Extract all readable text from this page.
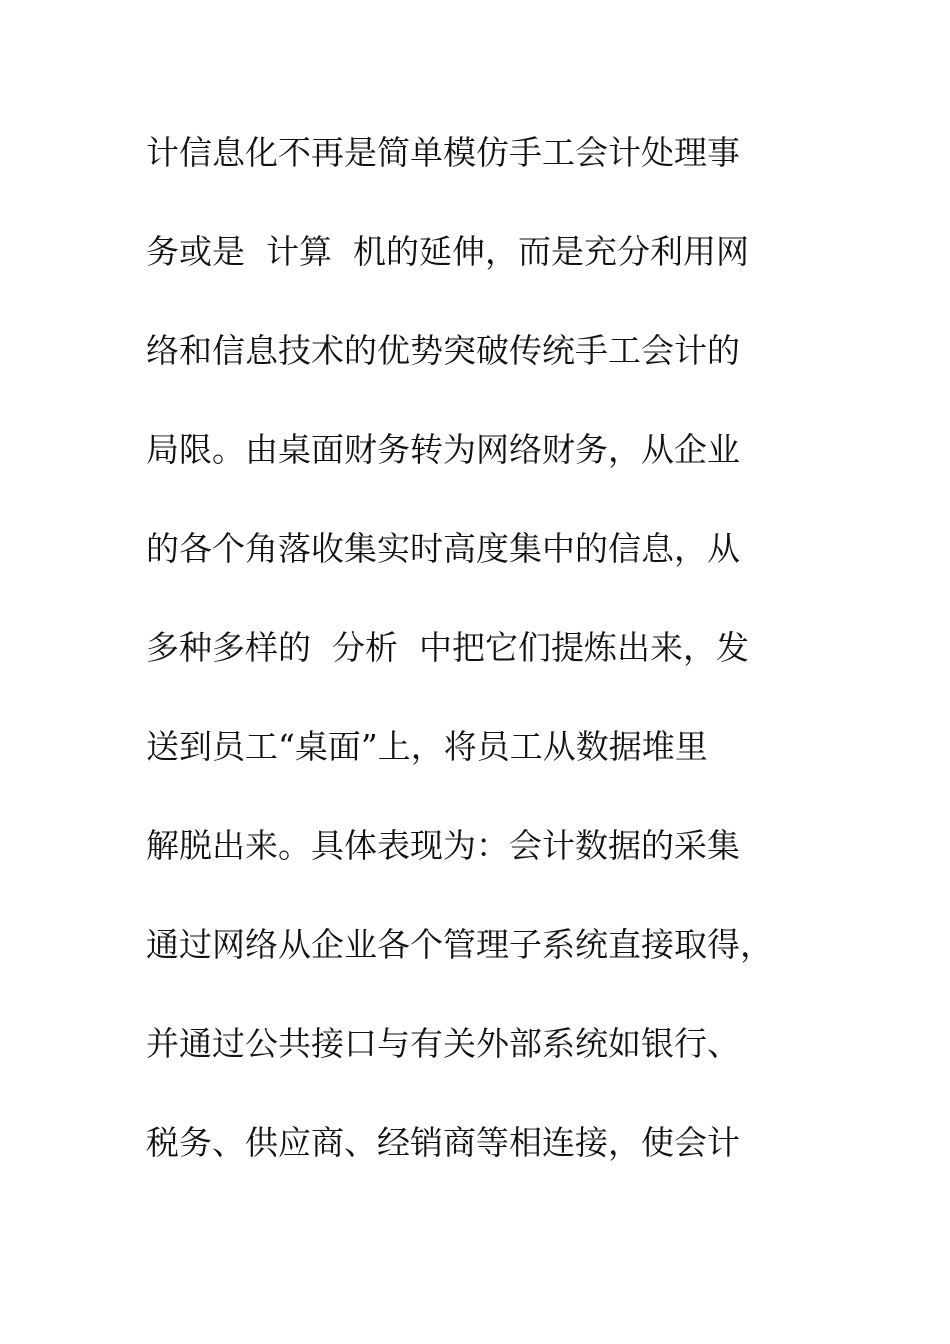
计信息化不再是简单模仿手工会计处理事
务或是  计算  机的延伸，而是充分利用网
络和信息技术的优势突破传统手工会计的
局限。由桌面财务转为网络财务，从企业
的各个角落收集实时高度集中的信息，从
多种多样的  分析  中把它们提炼出来，发
送到员工“桌面”上，将员工从数据堆里
解脱出来。具体表现为：会计数据的采集
通过网络从企业各个管理子系统直接取得，
并通过公共接口与有关外部系统如银行、
税务、供应商、经销商等相连接，使会计
